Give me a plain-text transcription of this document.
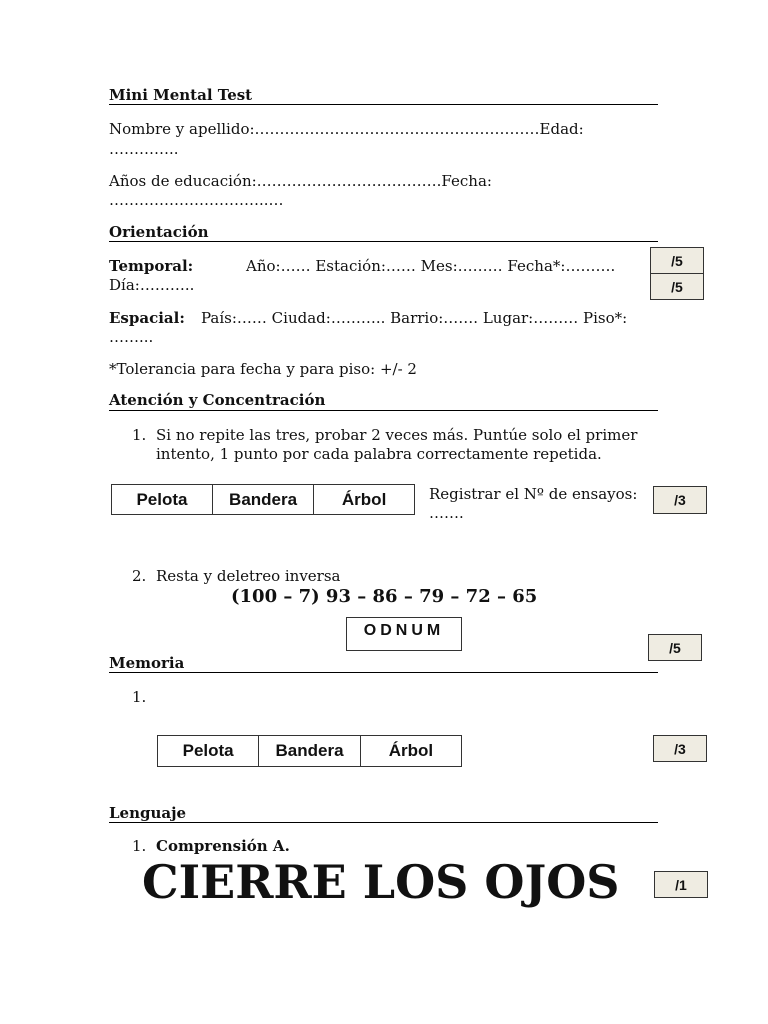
Mini Mental Test
Nombre y apellido:…………………………………………………Edad:
…………..
Años de educación:……………………………….Fecha:
…………………………..…
Orientación
Temporal:	Año:…… Estación:…… Mes:……… Fecha*:……….
Día:………..
/5
/5
Espacial: País:…… Ciudad:……….. Barrio:……. Lugar:……… Piso*:
……...
*Tolerancia para fecha y para piso: +/- 2
Atención y Concentración
1. Si no repite las tres, probar 2 veces más. Puntúe solo el primer
intento, 1 punto por cada palabra correctamente repetida.
Pelota	Bandera	Árbol	Registrar el Nº de ensayos:
…….
/3
2. Resta y deletreo inversa
(100 – 7) 93 – 86 – 79 – 72 – 65
ODNUM
/5
Memoria
1.
Pelota	Bandera	Árbol	/3
Lenguaje
1. Comprensión A.
CIERRE LOS OJOS	/1
